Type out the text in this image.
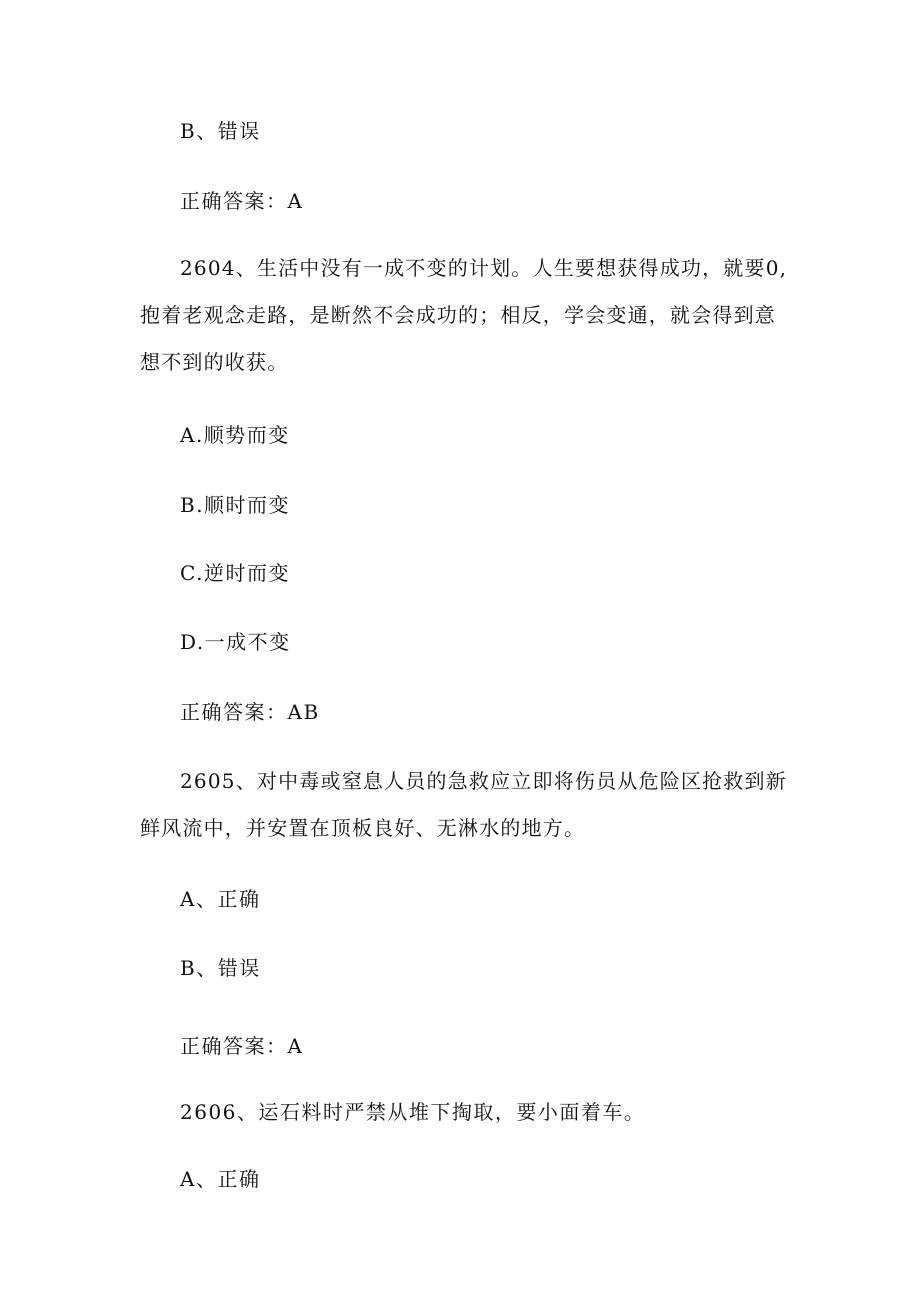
B、错误
正确答案：A

2604、生活中没有一成不变的计划。人生要想获得成功，就要0,抱着老观念走路，是断然不会成功的；相反，学会变通，就会得到意想不到的收获。

A.顺势而变
B.顺时而变
C.逆时而变
D.一成不变
正确答案：AB

2605、对中毒或窒息人员的急救应立即将伤员从危险区抢救到新鲜风流中，并安置在顶板良好、无淋水的地方。

A、正确
B、错误
正确答案：A
2606、运石料时严禁从堆下掏取，要小面着车。
A、正确
